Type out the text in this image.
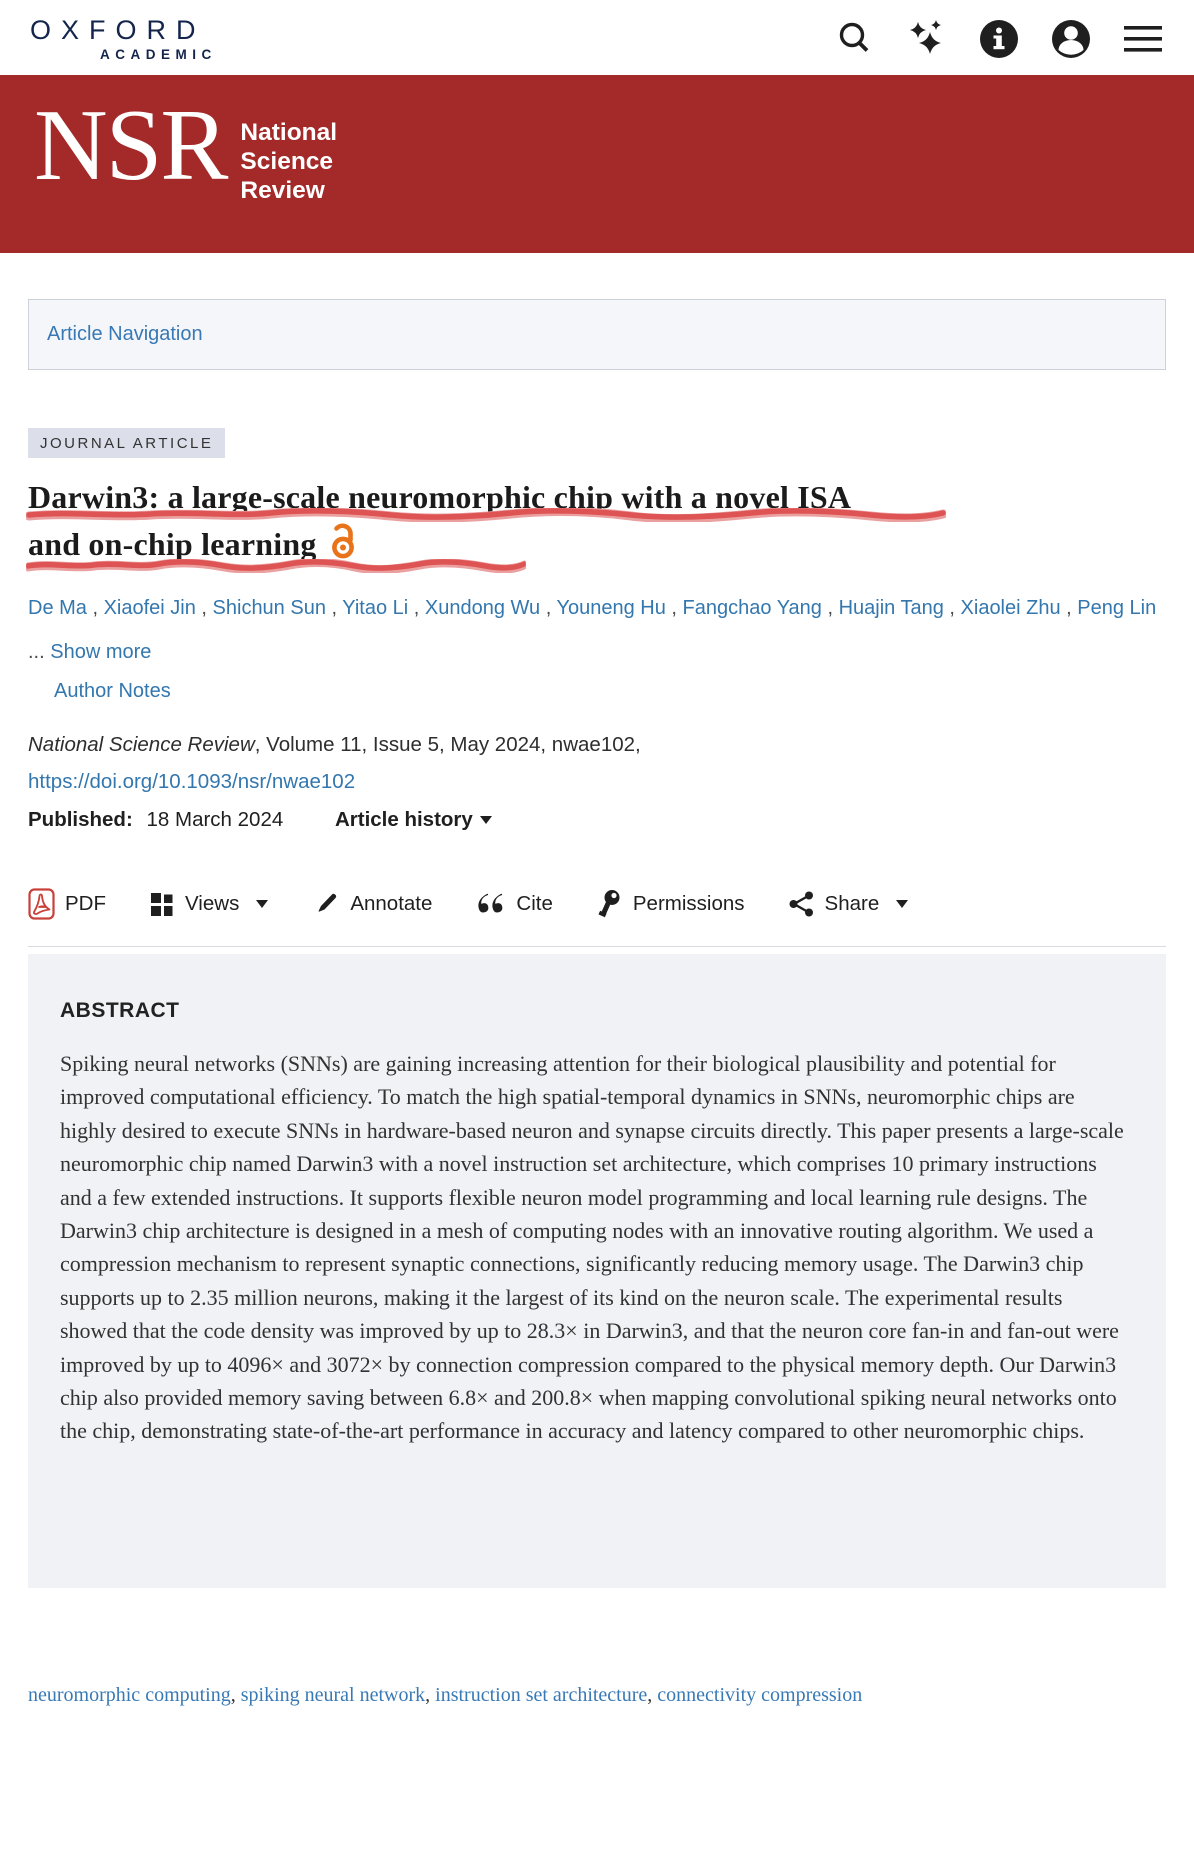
OXFORD
ACADEMIC
NSR National
Science
Review
Article Navigation
JOURNAL ARTICLE
Darwin3: a large-scale neuromorphic chip with a novel ISA
and on-chip learning

De Ma , Xiaofei Jin , Shichun Sun , Yitao Li , Xundong Wu , Youneng Hu , Fangchao Yang , Huajin Tang , Xiaolei Zhu , Peng Lin ... Show more

Author Notes

National Science Review, Volume 11, Issue 5, May 2024, nwae102,

https://doi.org/10.1093/nsr/nwae102

Published: 18 March 2024	Article history

PDF	Views	Annotate	Cite	Permissions	Share
ABSTRACT

Spiking neural networks (SNNs) are gaining increasing attention for their biological plausibility and potential for improved computational efficiency. To match the high spatial-temporal dynamics in SNNs, neuromorphic chips are highly desired to execute SNNs in hardware-based neuron and synapse circuits directly. This paper presents a large-scale neuromorphic chip named Darwin3 with a novel instruction set architecture, which comprises 10 primary instructions and a few extended instructions. It supports flexible neuron model programming and local learning rule designs. The Darwin3 chip architecture is designed in a mesh of computing nodes with an innovative routing algorithm. We used a compression mechanism to represent synaptic connections, significantly reducing memory usage. The Darwin3 chip supports up to 2.35 million neurons, making it the largest of its kind on the neuron scale. The experimental results showed that the code density was improved by up to 28.3× in Darwin3, and that the neuron core fan-in and fan-out were improved by up to 4096× and 3072× by connection compression compared to the physical memory depth. Our Darwin3 chip also provided memory saving between 6.8× and 200.8× when mapping convolutional spiking neural networks onto the chip, demonstrating state-of-the-art performance in accuracy and latency compared to other neuromorphic chips.

neuromorphic computing, spiking neural network, instruction set architecture, connectivity compression
